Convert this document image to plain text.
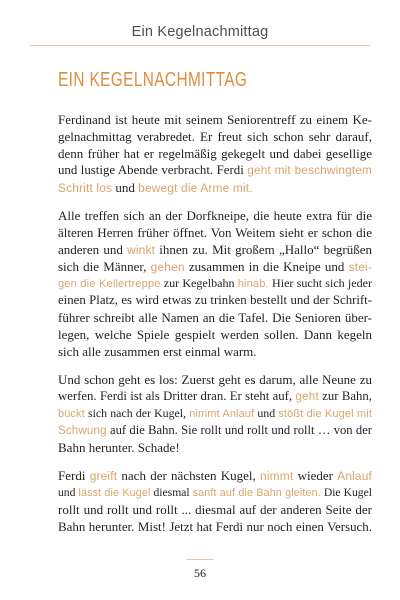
Ein Kegelnachmittag
EIN KEGELNACHMITTAG
Ferdinand ist heute mit seinem Seniorentreff zu einem Ke-
gelnachmittag verabredet. Er freut sich schon sehr darauf,
denn früher hat er regelmäßig gekegelt und dabei gesellige
und lustige Abende verbracht. Ferdi geht mit beschwingtem
Schritt los und bewegt die Arme mit.
Alle treffen sich an der Dorfkneipe, die heute extra für die
älteren Herren früher öffnet. Von Weitem sieht er schon die
anderen und winkt ihnen zu. Mit großem „Hallo“ begrüßen
sich die Männer, gehen zusammen in die Kneipe und stei-
gen die Kellertreppe zur Kegelbahn hinab. Hier sucht sich jeder
einen Platz, es wird etwas zu trinken bestellt und der Schrift-
führer schreibt alle Namen an die Tafel. Die Senioren über-
legen, welche Spiele gespielt werden sollen. Dann kegeln
sich alle zusammen erst einmal warm.
Und schon geht es los: Zuerst geht es darum, alle Neune zu
werfen. Ferdi ist als Dritter dran. Er steht auf, geht zur Bahn,
bückt sich nach der Kugel, nimmt Anlauf und stößt die Kugel mit
Schwung auf die Bahn. Sie rollt und rollt und rollt … von der
Bahn herunter. Schade!
Ferdi greift nach der nächsten Kugel, nimmt wieder Anlauf
und lässt die Kugel diesmal sanft auf die Bahn gleiten. Die Kugel
rollt und rollt und rollt ... diesmal auf der anderen Seite der
Bahn herunter. Mist! Jetzt hat Ferdi nur noch einen Versuch.
56
